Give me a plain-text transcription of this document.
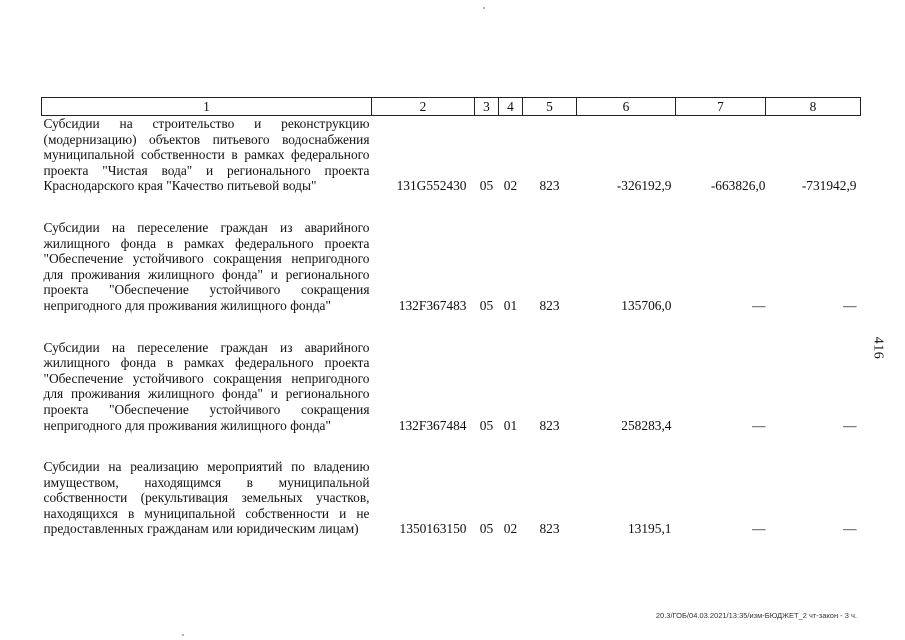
1	2	3	4	5	6	7	8
Субсидии на строительство и реконструкцию (модернизацию) объектов питьевого водоснабжения муниципальной собственности в рамках федерального проекта "Чистая вода" и регионального проекта Краснодарского края "Качество питьевой воды"	131G552430	05	02	823	-326192,9	-663826,0	-731942,9

Субсидии на переселение граждан из аварийного жилищного фонда в рамках федерального проекта "Обеспечение устойчивого сокращения непригодного для проживания жилищного фонда" и регионального проекта "Обеспечение устойчивого сокращения непригодного для проживания жилищного фонда"	132F367483	05	01	823	135706,0	—	—

Субсидии на переселение граждан из аварийного жилищного фонда в рамках федерального проекта "Обеспечение устойчивого сокращения непригодного для проживания жилищного фонда" и регионального проекта "Обеспечение устойчивого сокращения непригодного для проживания жилищного фонда"	132F367484	05	01	823	258283,4	—	—

Субсидии на реализацию мероприятий по владению имуществом, находящимся в муниципальной собственности (рекультивация земельных участков, находящихся в муниципальной собственности и не предоставленных гражданам или юридическим лицам)	1350163150	05	02	823	13195,1	—	—
416
20.3/ГОБ/04.03.2021/13:35/изм-БЮДЖЕТ_2 чт-закон - 3 ч.
